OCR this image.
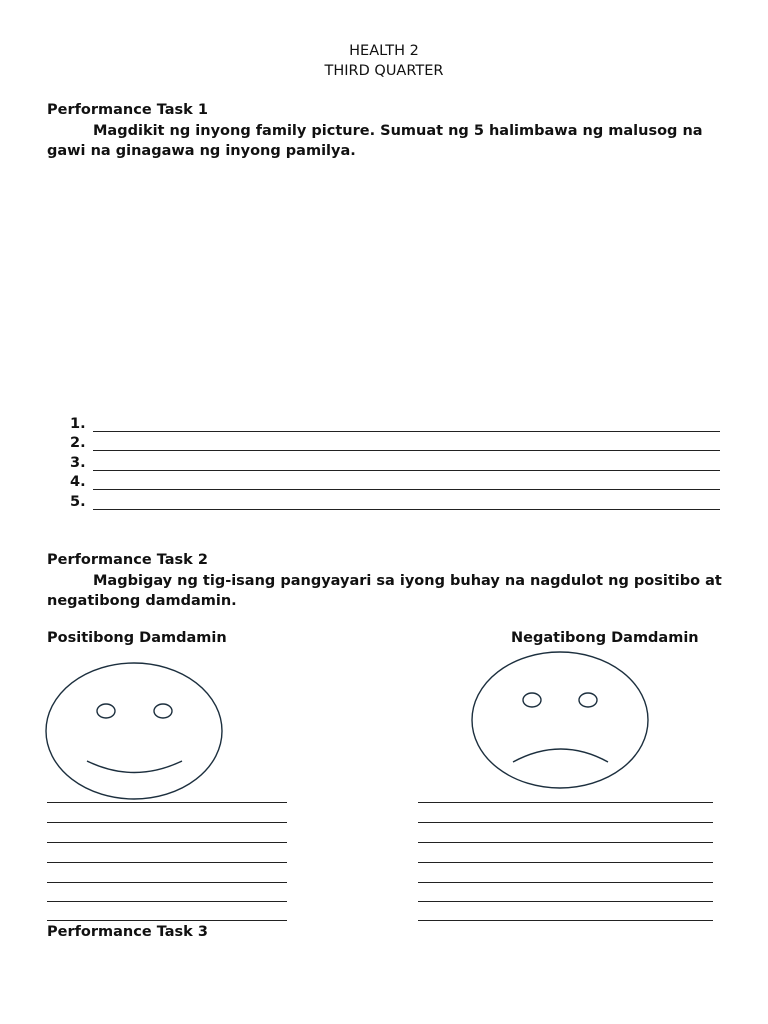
HEALTH 2
THIRD QUARTER
Performance Task 1
Magdikit ng inyong family picture. Sumuat ng 5 halimbawa ng malusog na gawi na ginagawa ng inyong pamilya.
1.
2.
3.
4.
5.
Performance Task 2
Magbigay ng tig-isang pangyayari sa iyong buhay na nagdulot ng positibo at negatibong damdamin.
Positibong Damdamin	Negatibong Damdamin
Performance Task 3
